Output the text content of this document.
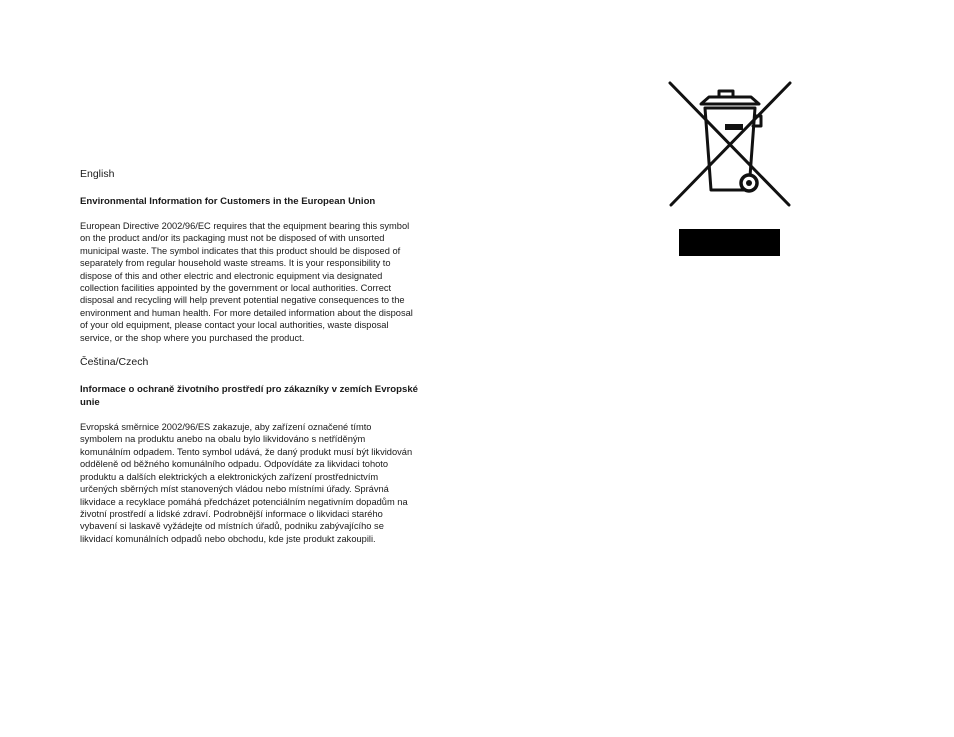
English
Environmental Information for Customers in the European Union
European Directive 2002/96/EC requires that the equipment bearing this symbol
on the product and/or its packaging must not be disposed of with unsorted
municipal waste. The symbol indicates that this product should be disposed of
separately from regular household waste streams. It is your responsibility to
dispose of this and other electric and electronic equipment via designated
collection facilities appointed by the government or local authorities. Correct
disposal and recycling will help prevent potential negative consequences to the
environment and human health. For more detailed information about the disposal
of your old equipment, please contact your local authorities, waste disposal
service, or the shop where you purchased the product.
Čeština/Czech
Informace o ochraně životního prostředí pro zákazníky v zemích Evropské
unie
Evropská směrnice 2002/96/ES zakazuje, aby zařízení označené tímto
symbolem na produktu anebo na obalu bylo likvidováno s netříděným
komunálním odpadem. Tento symbol udává, že daný produkt musí být likvidován
odděleně od běžného komunálního odpadu. Odpovídáte za likvidaci tohoto
produktu a dalších elektrických a elektronických zařízení prostřednictvím
určených sběrných míst stanovených vládou nebo místními úřady. Správná
likvidace a recyklace pomáhá předcházet potenciálním negativním dopadům na
životní prostředí a lidské zdraví. Podrobnější informace o likvidaci starého
vybavení si laskavě vyžádejte od místních úřadů, podniku zabývajícího se
likvidací komunálních odpadů nebo obchodu, kde jste produkt zakoupili.
